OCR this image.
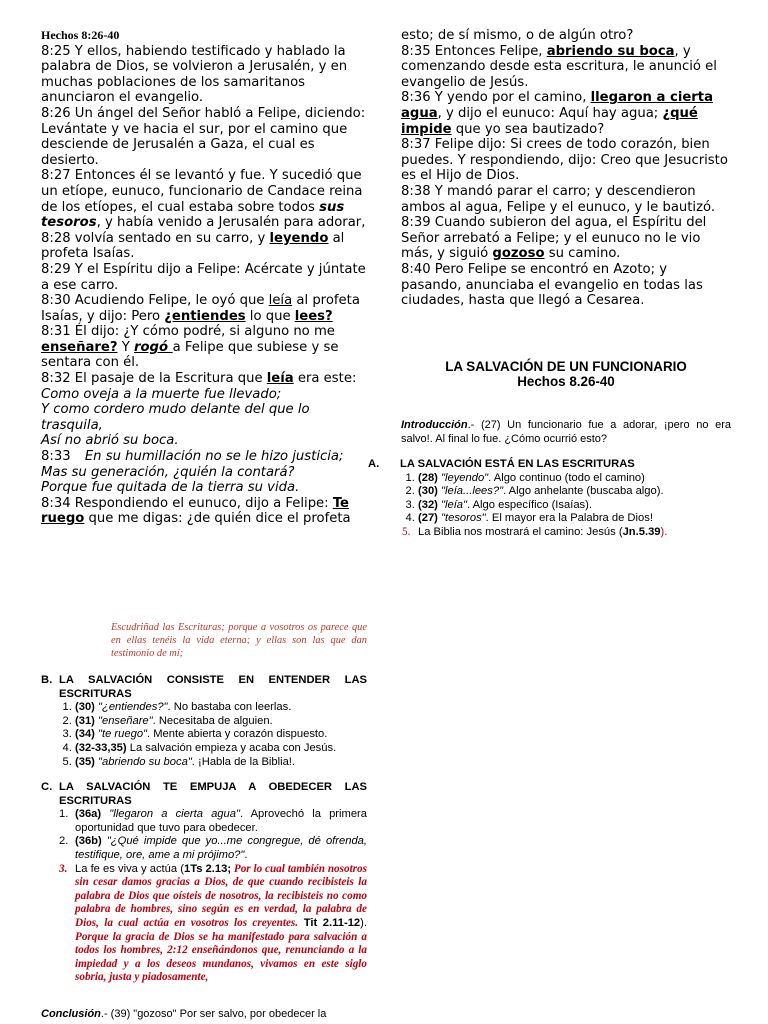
Hechos 8:26-40

8:25 Y ellos, habiendo testificado y hablado la palabra de Dios, se volvieron a Jerusalén, y en muchas poblaciones de los samaritanos anunciaron el evangelio.

8:26 Un ángel del Señor habló a Felipe, diciendo: Levántate y ve hacia el sur, por el camino que desciende de Jerusalén a Gaza, el cual es desierto.

8:27 Entonces él se levantó y fue. Y sucedió que un etíope, eunuco, funcionario de Candace reina de los etíopes, el cual estaba sobre todos sus tesoros, y había venido a Jerusalén para adorar,

8:28 volvía sentado en su carro, y leyendo al profeta Isaías.

8:29 Y el Espíritu dijo a Felipe: Acércate y júntate a ese carro.

8:30 Acudiendo Felipe, le oyó que leía al profeta Isaías, y dijo: Pero ¿entiendes lo que lees?

8:31 Él dijo: ¿Y cómo podré, si alguno no me enseñare? Y rogó a Felipe que subiese y se sentara con él.

8:32 El pasaje de la Escritura que leía era este:

Como oveja a la muerte fue llevado;

Y como cordero mudo delante del que lo trasquila,

Así no abrió su boca.

8:33 En su humillación no se le hizo justicia;

Mas su generación, ¿quién la contará?

Porque fue quitada de la tierra su vida.

8:34 Respondiendo el eunuco, dijo a Felipe: Te ruego que me digas: ¿de quién dice el profeta

esto; de sí mismo, o de algún otro?

8:35 Entonces Felipe, abriendo su boca, y comenzando desde esta escritura, le anunció el evangelio de Jesús.

8:36 Y yendo por el camino, llegaron a cierta agua, y dijo el eunuco: Aquí hay agua; ¿qué impide que yo sea bautizado?

8:37 Felipe dijo: Si crees de todo corazón, bien puedes. Y respondiendo, dijo: Creo que Jesucristo es el Hijo de Dios.

8:38 Y mandó parar el carro; y descendieron ambos al agua, Felipe y el eunuco, y le bautizó.

8:39 Cuando subieron del agua, el Espíritu del Señor arrebató a Felipe; y el eunuco no le vio más, y siguió gozoso su camino.

8:40 Pero Felipe se encontró en Azoto; y pasando, anunciaba el evangelio en todas las ciudades, hasta que llegó a Cesarea.

Escudriñad las Escrituras; porque a vosotros os parece que en ellas tenéis la vida eterna; y ellas son las que dan testimonio de mí;
LA SALVACIÓN DE UN FUNCIONARIO
Hechos 8.26-40
Introducción.- (27) Un funcionario fue a adorar, ¡pero no era salvo!. Al final lo fue. ¿Cómo ocurrió esto?
A. LA SALVACIÓN ESTÁ EN LAS ESCRITURAS
1. (28) "leyendo". Algo continuo (todo el camino)
2. (30) "leía...lees?". Algo anhelante (buscaba algo).
3. (32) "leía". Algo específico (Isaías).
4. (27) "tesoros". El mayor era la Palabra de Dios!
5. La Biblia nos mostrará el camino: Jesús (Jn.5.39).
B. LA SALVACIÓN CONSISTE EN ENTENDER LAS ESCRITURAS
1. (30) "¿entiendes?". No bastaba con leerlas.
2. (31) "enseñare". Necesitaba de alguien.
3. (34) "te ruego". Mente abierta y corazón dispuesto.
4. (32-33,35) La salvación empieza y acaba con Jesús.
5. (35) "abriendo su boca". ¡Habla de la Biblia!.
C. LA SALVACIÓN TE EMPUJA A OBEDECER LAS ESCRITURAS
1. (36a) "llegaron a cierta agua". Aprovechó la primera oportunidad que tuvo para obedecer.
2. (36b) "¿Qué impide que yo...me congregue, dé ofrenda, testifique, ore, ame a mi prójimo?".
3. La fe es viva y actúa (1Ts 2.13; Por lo cual también nosotros sin cesar damos gracias a Dios, de que cuando recibisteis la palabra de Dios que oísteis de nosotros, la recibisteis no como palabra de hombres, sino según es en verdad, la palabra de Dios, la cual actúa en vosotros los creyentes. Tit 2.11-12). Porque la gracia de Dios se ha manifestado para salvación a todos los hombres, 2:12 enseñándonos que, renunciando a la impiedad y a los deseos mundanos, vivamos en este siglo sobria, justa y piadosamente,
Conclusión.- (39) "gozoso" Por ser salvo, por obedecer la
